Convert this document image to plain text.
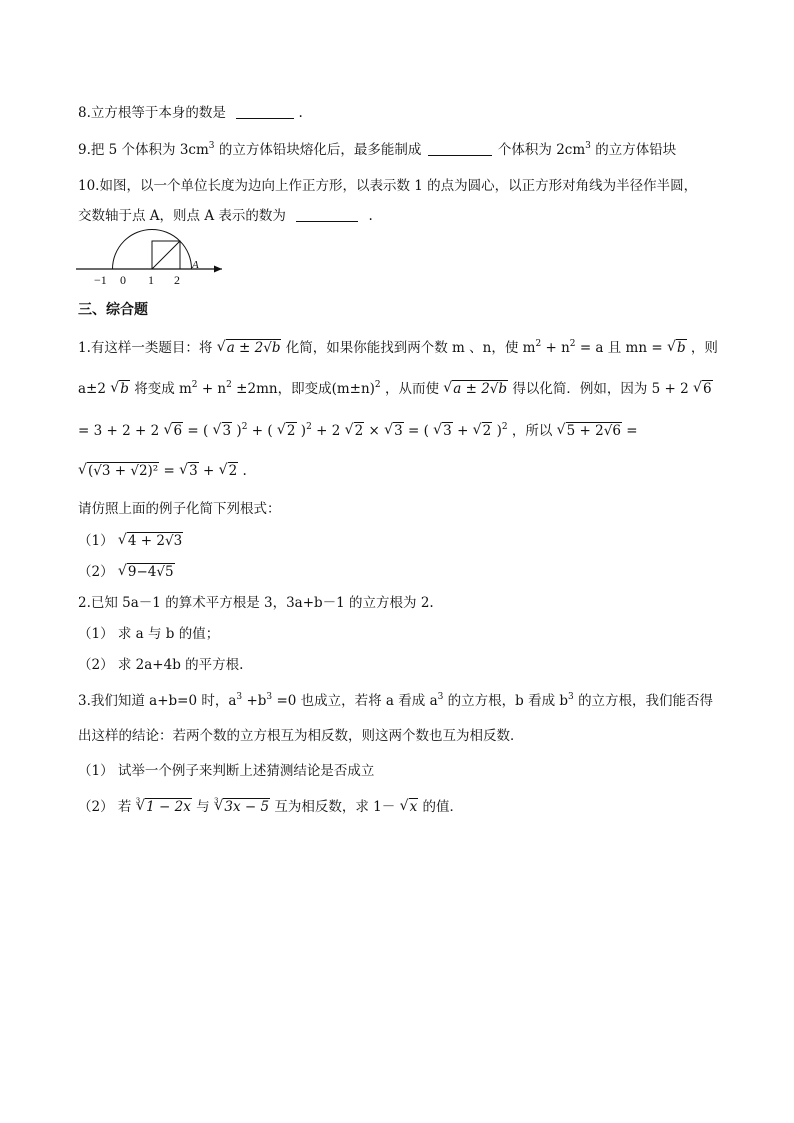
8.立方根等于本身的数是	.
9.把 5 个体积为 $3cm^3$ 的立方体铅块熔化后，最多能制成	个体积为 $2cm^3$ 的立方体铅块
10.如图，以一个单位长度为边向上作正方形，以表示数 1 的点为圆心，以正方形对角线为半径作半圆，
交数轴于点 A，则点 A 表示的数为	.
−1 0 1 2
A
三、综合题
1.有这样一类题目：将 √ a ± 2√b 化简，如果你能找到两个数 m 、n，使 $m^2 + n^2 = a$ 且 mn = √ b ，则
a±2 √ b 将变成 $m^2 + n^2 \pm 2mn$，即变成$(m\pm n)^2$ ，从而使 √ a ± 2√b 得以化简．例如，因为 5 + 2 √ 6
= 3 + 2 + 2 √ 6 = ( √ 3 )$^2$ + ( √ 2 )$^2$ + 2 √ 2 × √ 3 = ( √ 3 + √ 2 )$^2$ ，所以 √ 5 + 2√6 =
√ (√3 + √2)² = √ 3 + √ 2 .
请仿照上面的例子化简下列根式：
（1） √ 4 + 2√3
（2） √ 9−4√5
2.已知 5a－1 的算术平方根是 3，3a+b－1 的立方根为 2.
（1） 求 a 与 b 的值；
（2） 求 2a+4b 的平方根.
3.我们知道 a+b=0 时，$a^3 +b^3 =0$ 也成立，若将 a 看成 $a^3$ 的立方根，b 看成 $b^3$ 的立方根，我们能否得
出这样的结论：若两个数的立方根互为相反数，则这两个数也互为相反数．
（1） 试举一个例子来判断上述猜测结论是否成立
（2） 若 $^3$ √ 1 − 2x 与 $^3$ √ 3x − 5 互为相反数，求 1－ √ x 的值．
